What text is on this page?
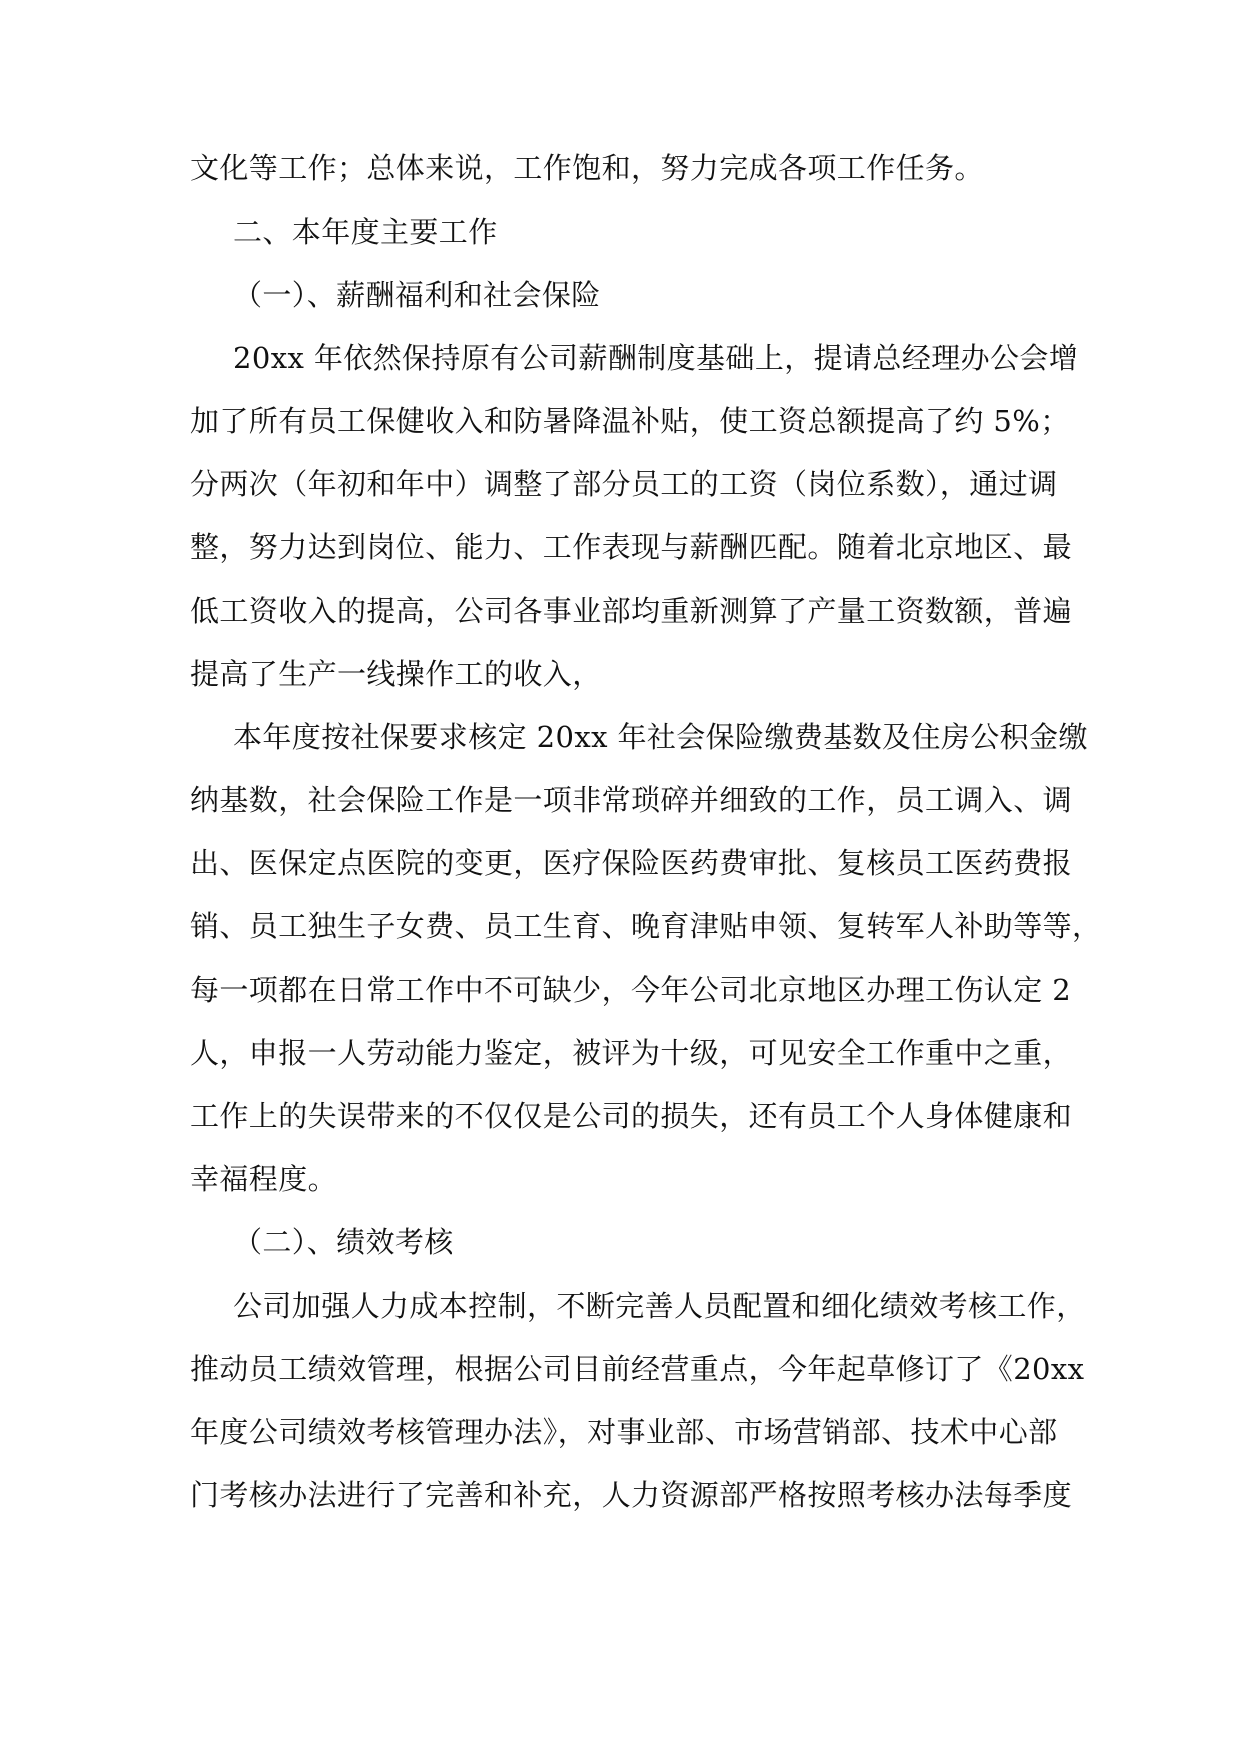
文化等工作；总体来说，工作饱和，努力完成各项工作任务。
二、本年度主要工作
（一）、薪酬福利和社会保险
20xx 年依然保持原有公司薪酬制度基础上，提请总经理办公会增
加了所有员工保健收入和防暑降温补贴，使工资总额提高了约 5%；
分两次（年初和年中）调整了部分员工的工资（岗位系数），通过调
整，努力达到岗位、能力、工作表现与薪酬匹配。随着北京地区、最
低工资收入的提高，公司各事业部均重新测算了产量工资数额，普遍
提高了生产一线操作工的收入，
本年度按社保要求核定 20xx 年社会保险缴费基数及住房公积金缴
纳基数，社会保险工作是一项非常琐碎并细致的工作，员工调入、调
出、医保定点医院的变更，医疗保险医药费审批、复核员工医药费报
销、员工独生子女费、员工生育、晚育津贴申领、复转军人补助等等，
每一项都在日常工作中不可缺少，今年公司北京地区办理工伤认定 2
人，申报一人劳动能力鉴定，被评为十级，可见安全工作重中之重，
工作上的失误带来的不仅仅是公司的损失，还有员工个人身体健康和
幸福程度。
（二）、绩效考核
公司加强人力成本控制，不断完善人员配置和细化绩效考核工作，
推动员工绩效管理，根据公司目前经营重点，今年起草修订了《20xx
年度公司绩效考核管理办法》，对事业部、市场营销部、技术中心部
门考核办法进行了完善和补充，人力资源部严格按照考核办法每季度
